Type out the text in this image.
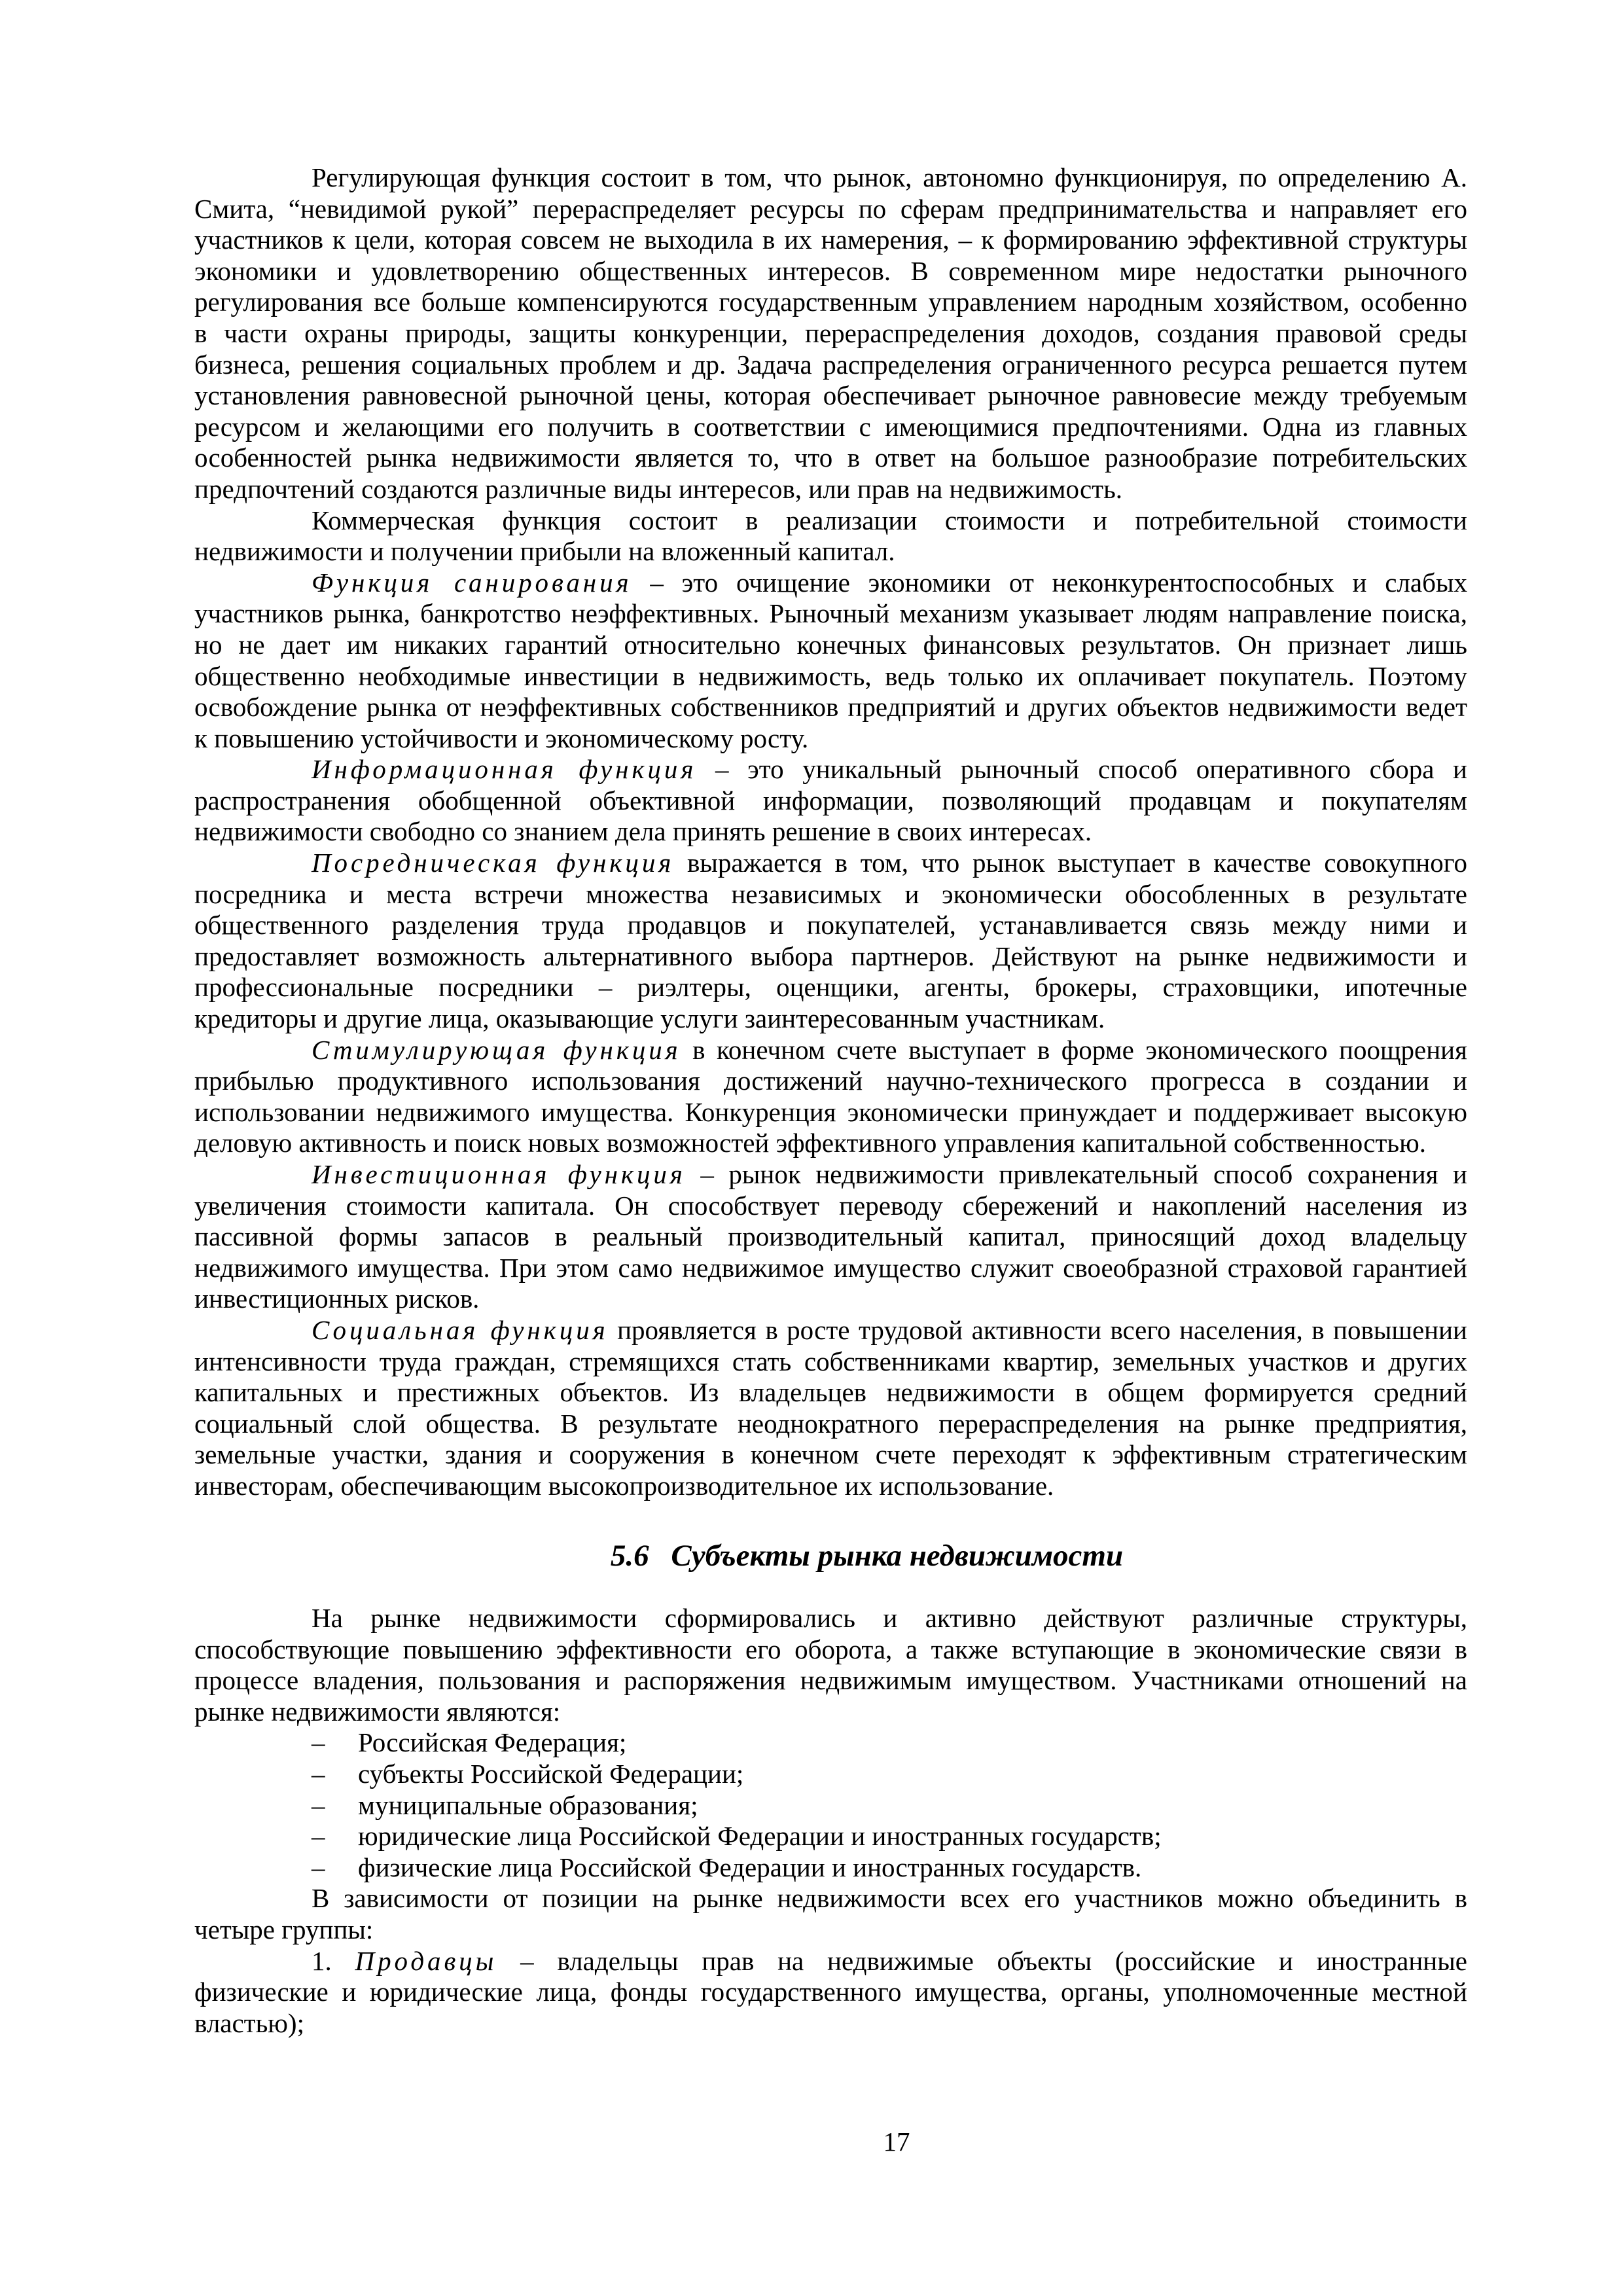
Регулирующая функция состоит в том, что рынок, автономно функционируя, по определению А.
Смита, “невидимой рукой” перераспределяет ресурсы по сферам предпринимательства и направляет его
участников к цели, которая совсем не выходила в их намерения, – к формированию эффективной структуры
экономики и удовлетворению общественных интересов. В современном мире недостатки рыночного
регулирования все больше компенсируются государственным управлением народным хозяйством, особенно
в части охраны природы, защиты конкуренции, перераспределения доходов, создания правовой среды
бизнеса, решения социальных проблем и др. Задача распределения ограниченного ресурса решается путем
установления равновесной рыночной цены, которая обеспечивает рыночное равновесие между требуемым
ресурсом и желающими его получить в соответствии с имеющимися предпочтениями. Одна из главных
особенностей рынка недвижимости является то, что в ответ на большое разнообразие потребительских
предпочтений создаются различные виды интересов, или прав на недвижимость.
Коммерческая функция состоит в реализации стоимости и потребительной стоимости
недвижимости и получении прибыли на вложенный капитал.
Функция санирования – это очищение экономики от неконкурентоспособных и слабых
участников рынка, банкротство неэффективных. Рыночный механизм указывает людям направление поиска,
но не дает им никаких гарантий относительно конечных финансовых результатов. Он признает лишь
общественно необходимые инвестиции в недвижимость, ведь только их оплачивает покупатель. Поэтому
освобождение рынка от неэффективных собственников предприятий и других объектов недвижимости ведет
к повышению устойчивости и экономическому росту.
Информационная функция – это уникальный рыночный способ оперативного сбора и
распространения обобщенной объективной информации, позволяющий продавцам и покупателям
недвижимости свободно со знанием дела принять решение в своих интересах.
Посредническая функция выражается в том, что рынок выступает в качестве совокупного
посредника и места встречи множества независимых и экономически обособленных в результате
общественного разделения труда продавцов и покупателей, устанавливается связь между ними и
предоставляет возможность альтернативного выбора партнеров. Действуют на рынке недвижимости и
профессиональные посредники – риэлтеры, оценщики, агенты, брокеры, страховщики, ипотечные
кредиторы и другие лица, оказывающие услуги заинтересованным участникам.
Стимулирующая функция в конечном счете выступает в форме экономического поощрения
прибылью продуктивного использования достижений научно-технического прогресса в создании и
использовании недвижимого имущества. Конкуренция экономически принуждает и поддерживает высокую
деловую активность и поиск новых возможностей эффективного управления капитальной собственностью.
Инвестиционная функция – рынок недвижимости привлекательный способ сохранения и
увеличения стоимости капитала. Он способствует переводу сбережений и накоплений населения из
пассивной формы запасов в реальный производительный капитал, приносящий доход владельцу
недвижимого имущества. При этом само недвижимое имущество служит своеобразной страховой гарантией
инвестиционных рисков.
Социальная функция проявляется в росте трудовой активности всего населения, в повышении
интенсивности труда граждан, стремящихся стать собственниками квартир, земельных участков и других
капитальных и престижных объектов. Из владельцев недвижимости в общем формируется средний
социальный слой общества. В результате неоднократного перераспределения на рынке предприятия,
земельные участки, здания и сооружения в конечном счете переходят к эффективным стратегическим
инвесторам, обеспечивающим высокопроизводительное их использование.
5.6 Субъекты рынка недвижимости
На рынке недвижимости сформировались и активно действуют различные структуры,
способствующие повышению эффективности его оборота, а также вступающие в экономические связи в
процессе владения, пользования и распоряжения недвижимым имуществом. Участниками отношений на
рынке недвижимости являются:
– Российская Федерация;
– субъекты Российской Федерации;
– муниципальные образования;
– юридические лица Российской Федерации и иностранных государств;
– физические лица Российской Федерации и иностранных государств.
В зависимости от позиции на рынке недвижимости всех его участников можно объединить в
четыре группы:
1. Продавцы – владельцы прав на недвижимые объекты (российские и иностранные
физические и юридические лица, фонды государственного имущества, органы, уполномоченные местной
властью);
17
